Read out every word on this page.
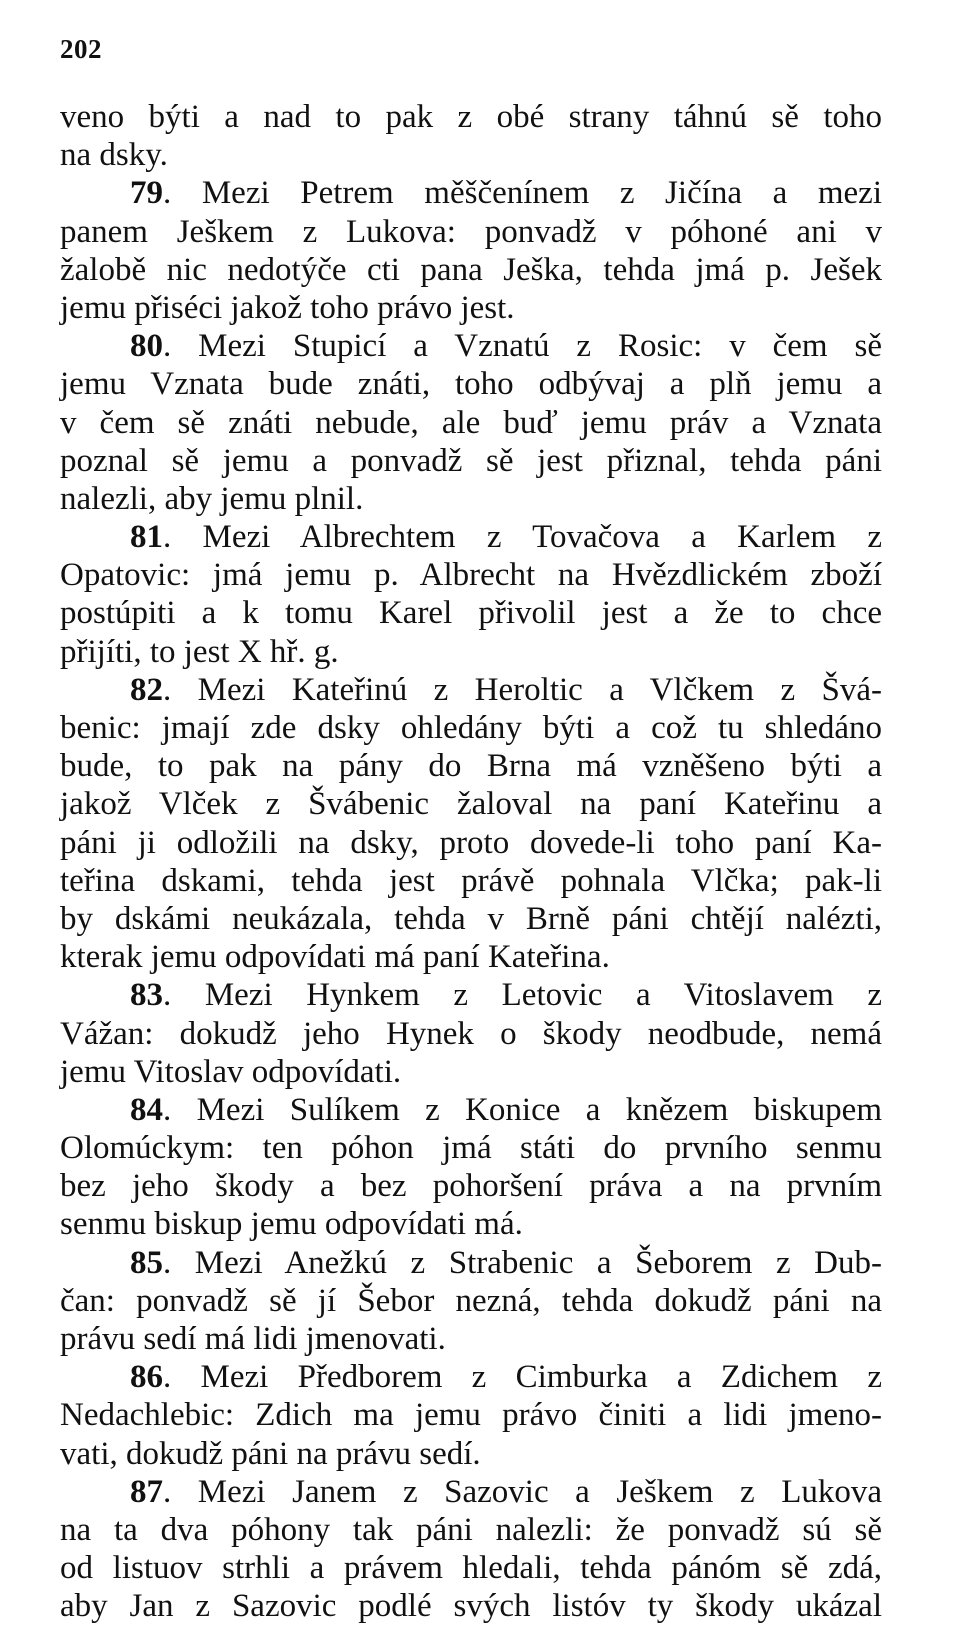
202
veno býti a nad to pak z obé strany táhnú sě toho
na dsky.
79. Mezi Petrem měščenínem z Jičína a mezi
panem Ješkem z Lukova: ponvadž v póhoné ani v
žalobě nic nedotýče cti pana Ješka, tehda jmá p. Ješek
jemu přiséci jakož toho právo jest.
80. Mezi Stupicí a Vznatú z Rosic: v čem sě
jemu Vznata bude znáti, toho odbývaj a plň jemu a
v čem sě znáti nebude, ale buď jemu práv a Vznata
poznal sě jemu a ponvadž sě jest přiznal, tehda páni
nalezli, aby jemu plnil.
81. Mezi Albrechtem z Tovačova a Karlem z
Opatovic: jmá jemu p. Albrecht na Hvězdlickém zboží
postúpiti a k tomu Karel přivolil jest a že to chce
přijíti, to jest X hř. g.
82. Mezi Kateřinú z Heroltic a Vlčkem z Švá-
benic: jmají zde dsky ohledány býti a což tu shledáno
bude, to pak na pány do Brna má vzněšeno býti a
jakož Vlček z Švábenic žaloval na paní Kateřinu a
páni ji odložili na dsky, proto dovede-li toho paní Ka-
teřina dskami, tehda jest právě pohnala Vlčka; pak-li
by dskámi neukázala, tehda v Brně páni chtějí nalézti,
kterak jemu odpovídati má paní Kateřina.
83. Mezi Hynkem z Letovic a Vitoslavem z
Vážan: dokudž jeho Hynek o škody neodbude, nemá
jemu Vitoslav odpovídati.
84. Mezi Sulíkem z Konice a knězem biskupem
Olomúckym: ten póhon jmá státi do prvního senmu
bez jeho škody a bez pohoršení práva a na prvním
senmu biskup jemu odpovídati má.
85. Mezi Anežkú z Strabenic a Šeborem z Dub-
čan: ponvadž sě jí Šebor nezná, tehda dokudž páni na
právu sedí má lidi jmenovati.
86. Mezi Předborem z Cimburka a Zdichem z
Nedachlebic: Zdich ma jemu právo činiti a lidi jmeno-
vati, dokudž páni na právu sedí.
87. Mezi Janem z Sazovic a Ješkem z Lukova
na ta dva póhony tak páni nalezli: že ponvadž sú sě
od listuov strhli a právem hledali, tehda pánóm sě zdá,
aby Jan z Sazovic podlé svých listóv ty škody ukázal
